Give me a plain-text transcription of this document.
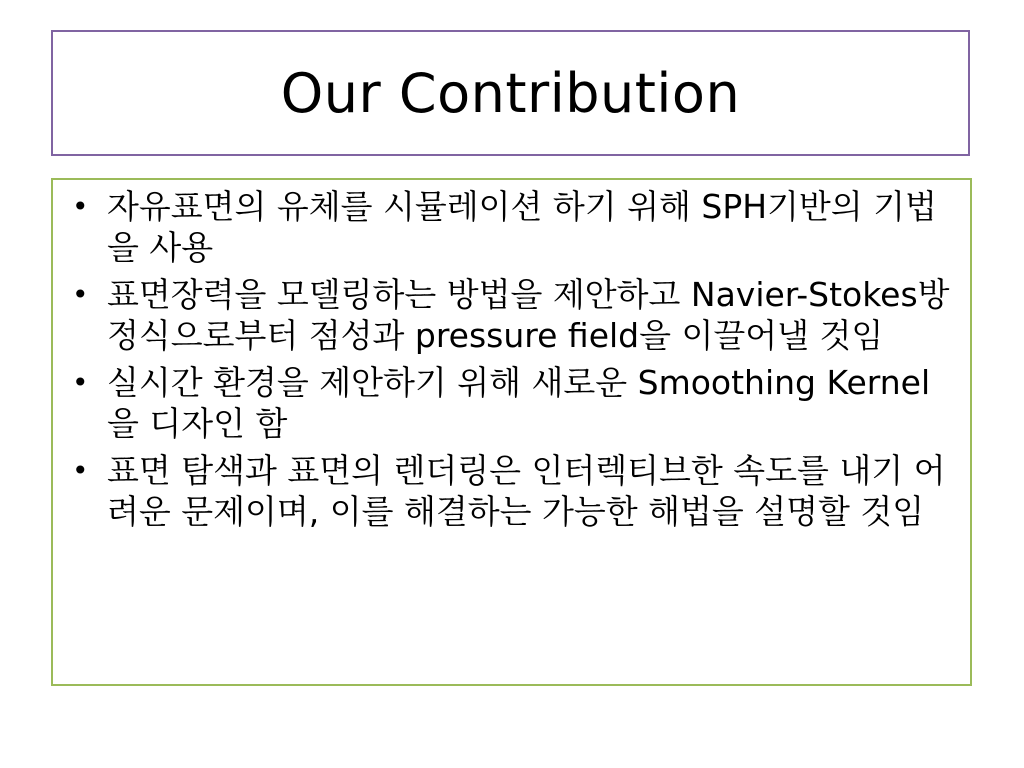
Our Contribution
• 자유표면의 유체를 시뮬레이션 하기 위해 SPH기반의 기법을 사용
• 표면장력을 모델링하는 방법을 제안하고 Navier-Stokes방정식으로부터 점성과 pressure field을 이끌어낼 것임
• 실시간 환경을 제안하기 위해 새로운 Smoothing Kernel을 디자인 함
• 표면 탐색과 표면의 렌더링은 인터렉티브한 속도를 내기 어려운 문제이며, 이를 해결하는 가능한 해법을 설명할 것임
